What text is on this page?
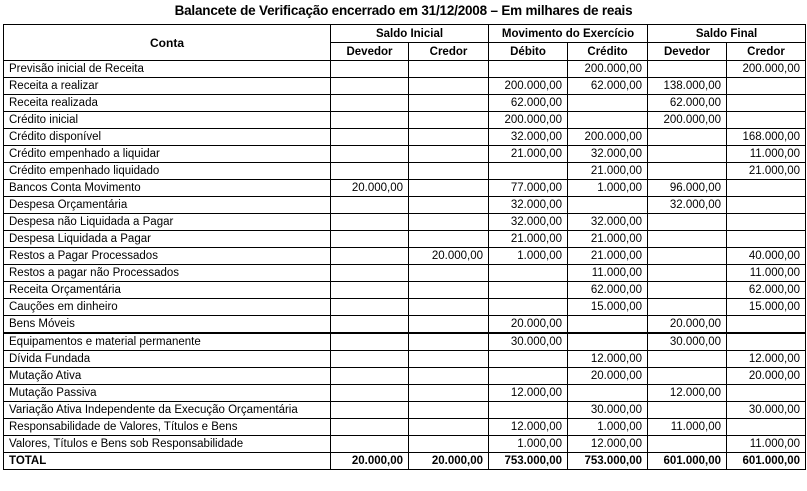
Balancete de Verificação encerrado em 31/12/2008 – Em milhares de reais
Conta	Saldo Inicial		Movimento do Exercício		Saldo Final	
	Devedor	Credor	Débito	Crédito	Devedor	Credor
Previsão inicial de Receita				200.000,00		200.000,00
Receita a realizar			200.000,00	62.000,00	138.000,00	
Receita realizada			62.000,00		62.000,00	
Crédito inicial			200.000,00		200.000,00	
Crédito disponível			32.000,00	200.000,00		168.000,00
Crédito empenhado a liquidar			21.000,00	32.000,00		11.000,00
Crédito empenhado liquidado				21.000,00		21.000,00
Bancos Conta Movimento	20.000,00		77.000,00	1.000,00	96.000,00	
Despesa Orçamentária			32.000,00		32.000,00	
Despesa não Liquidada a Pagar			32.000,00	32.000,00		
Despesa Liquidada a Pagar			21.000,00	21.000,00		
Restos a Pagar Processados		20.000,00	1.000,00	21.000,00		40.000,00
Restos a pagar não Processados				11.000,00		11.000,00
Receita Orçamentária				62.000,00		62.000,00
Cauções em dinheiro				15.000,00		15.000,00
Bens Móveis			20.000,00		20.000,00	
Equipamentos e material permanente			30.000,00		30.000,00	
Dívida Fundada				12.000,00		12.000,00
Mutação Ativa				20.000,00		20.000,00
Mutação Passiva			12.000,00		12.000,00	
Variação Ativa Independente da Execução Orçamentária				30.000,00		30.000,00
Responsabilidade de Valores, Títulos e Bens			12.000,00	1.000,00	11.000,00	
Valores, Títulos e Bens sob Responsabilidade			1.000,00	12.000,00		11.000,00
TOTAL	20.000,00	20.000,00	753.000,00	753.000,00	601.000,00	601.000,00
